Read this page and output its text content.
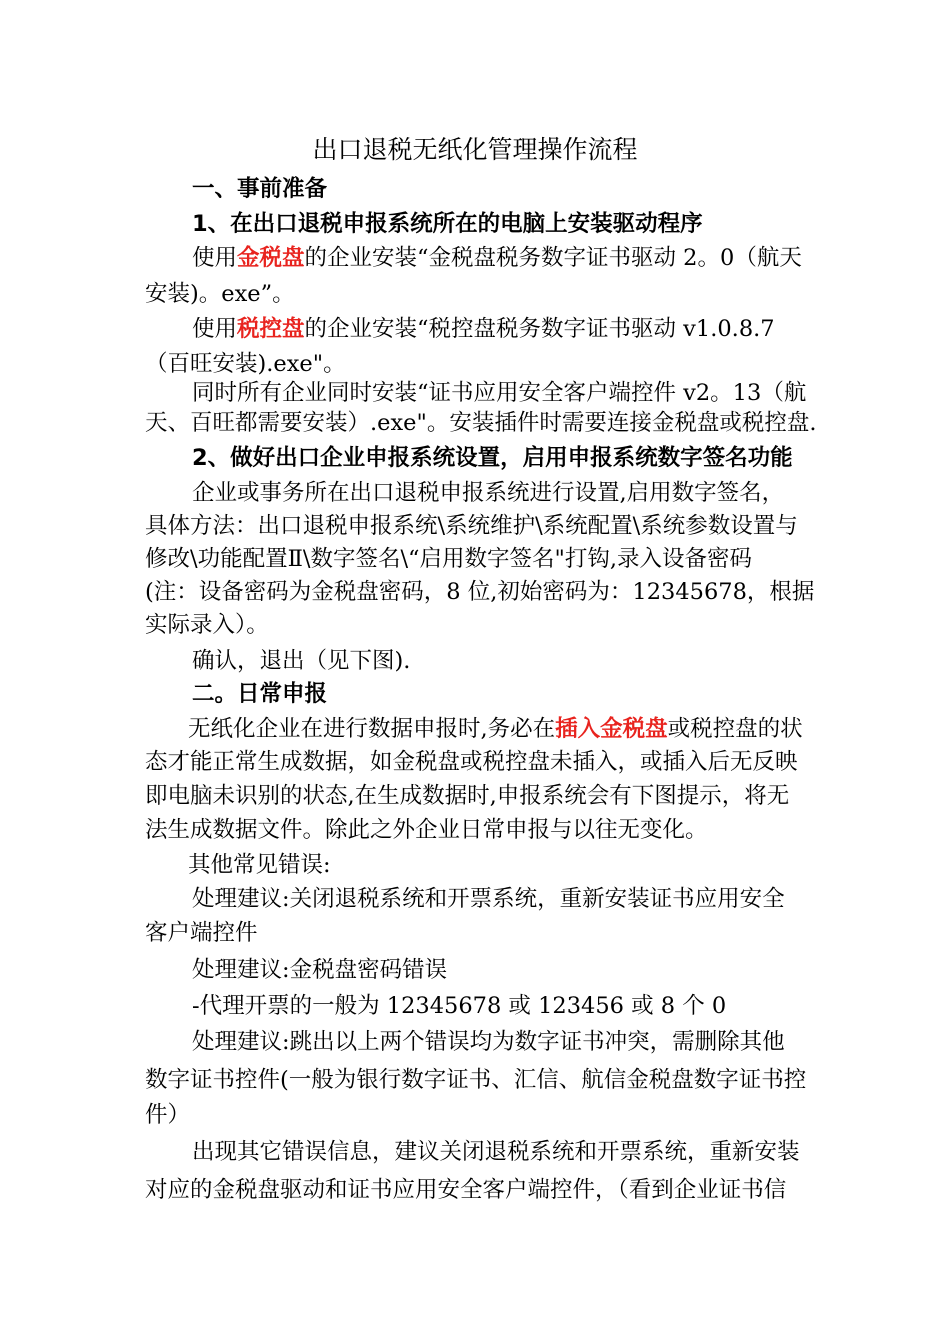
出口退税无纸化管理操作流程
一、事前准备
1、在出口退税申报系统所在的电脑上安装驱动程序
使用金税盘的企业安装“金税盘税务数字证书驱动 2。0（航天
安装)。exe”。
使用税控盘的企业安装“税控盘税务数字证书驱动 v1.0.8.7
（百旺安装).exe"。
同时所有企业同时安装“证书应用安全客户端控件 v2。13（航
天、百旺都需要安装）.exe"。安装插件时需要连接金税盘或税控盘.
2、做好出口企业申报系统设置，启用申报系统数字签名功能
企业或事务所在出口退税申报系统进行设置,启用数字签名，
具体方法：出口退税申报系统\系统维护\系统配置\系统参数设置与
修改\功能配置Ⅱ\数字签名\“启用数字签名"打钩,录入设备密码
(注：设备密码为金税盘密码，8 位,初始密码为：12345678，根据
实际录入）。
确认，退出（见下图).
二。日常申报
无纸化企业在进行数据申报时,务必在插入金税盘或税控盘的状
态才能正常生成数据，如金税盘或税控盘未插入，或插入后无反映
即电脑未识别的状态,在生成数据时,申报系统会有下图提示，将无
法生成数据文件。除此之外企业日常申报与以往无变化。
其他常见错误:
处理建议:关闭退税系统和开票系统，重新安装证书应用安全
客户端控件
处理建议:金税盘密码错误
-代理开票的一般为 12345678 或 123456 或 8 个 0
处理建议:跳出以上两个错误均为数字证书冲突，需删除其他
数字证书控件(一般为银行数字证书、汇信、航信金税盘数字证书控
件）
出现其它错误信息，建议关闭退税系统和开票系统，重新安装
对应的金税盘驱动和证书应用安全客户端控件，（看到企业证书信
